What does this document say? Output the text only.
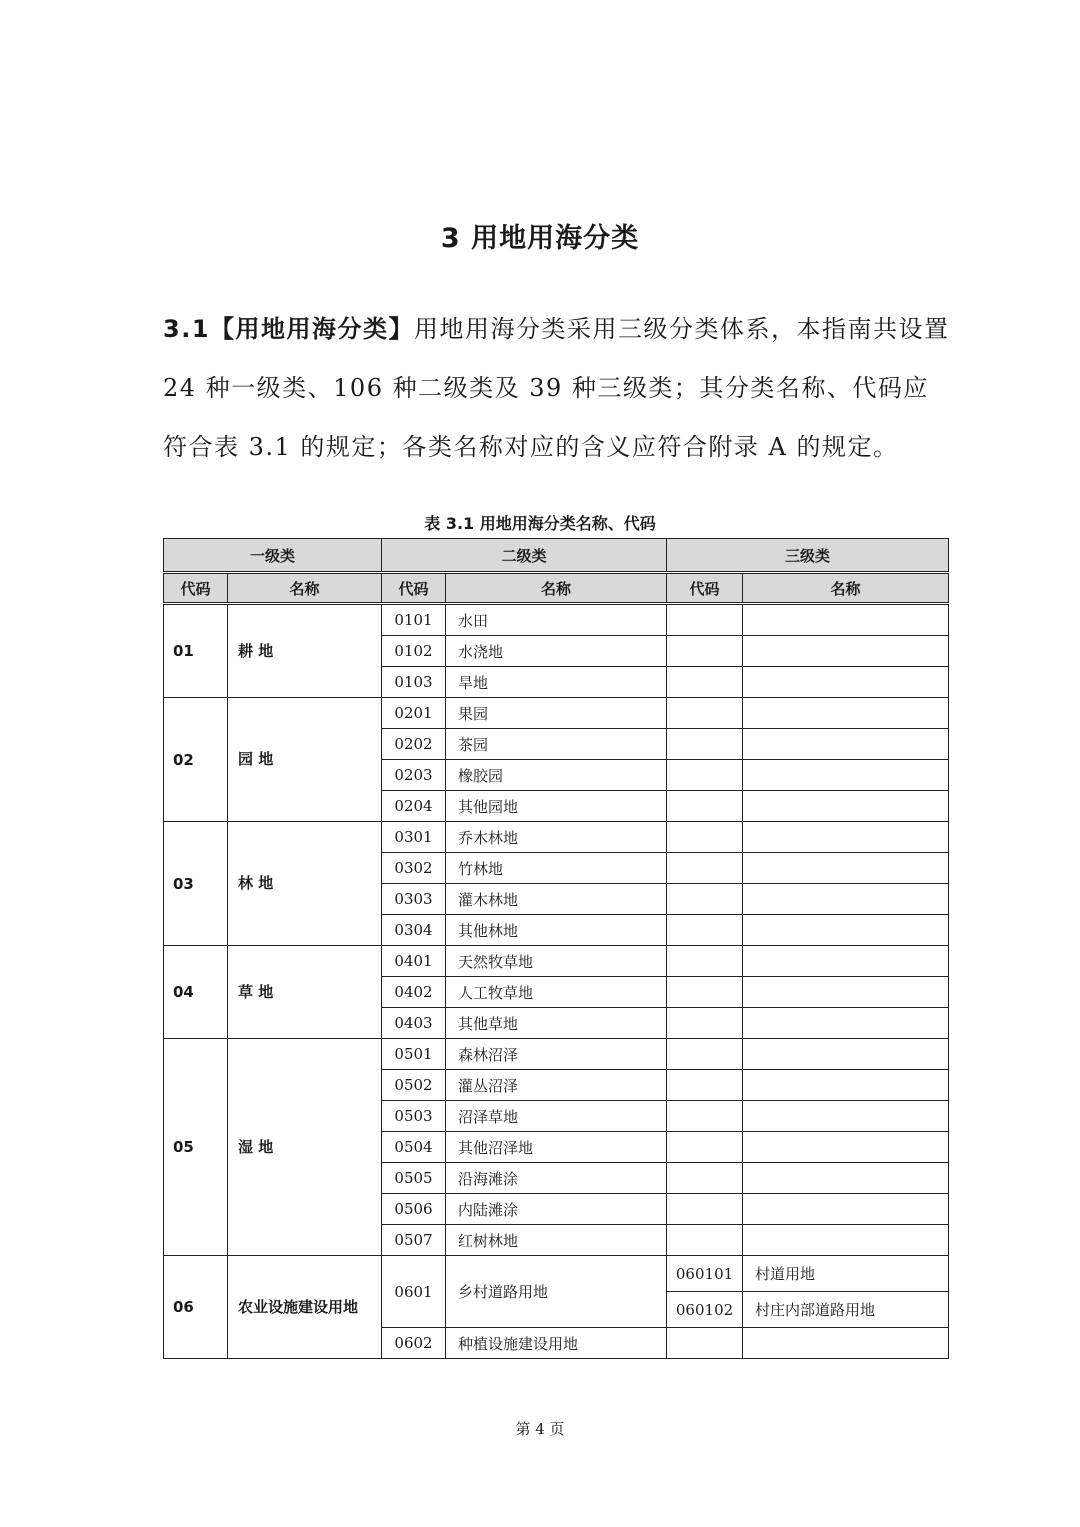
3 用地用海分类

3.1【用地用海分类】用地用海分类采用三级分类体系，本指南共设置 24 种一级类、106 种二级类及 39 种三级类；其分类名称、代码应符合表 3.1 的规定；各类名称对应的含义应符合附录 A 的规定。

表 3.1 用地用海分类名称、代码

一级类		二级类		三级类	
代码	名称	代码	名称	代码	名称
01	耕 地	0101	水田		
		0102	水浇地		
		0103	旱地		
02	园 地	0201	果园		
		0202	茶园		
		0203	橡胶园		
		0204	其他园地		
03	林 地	0301	乔木林地		
		0302	竹林地		
		0303	灌木林地		
		0304	其他林地		
04	草 地	0401	天然牧草地		
		0402	人工牧草地		
		0403	其他草地		
05	湿 地	0501	森林沼泽		
		0502	灌丛沼泽		
		0503	沼泽草地		
		0504	其他沼泽地		
		0505	沿海滩涂		
		0506	内陆滩涂		
		0507	红树林地		
06	农业设施建设用地	0601	乡村道路用地	060101	村道用地
				060102	村庄内部道路用地
		0602	种植设施建设用地		

第 4 页
